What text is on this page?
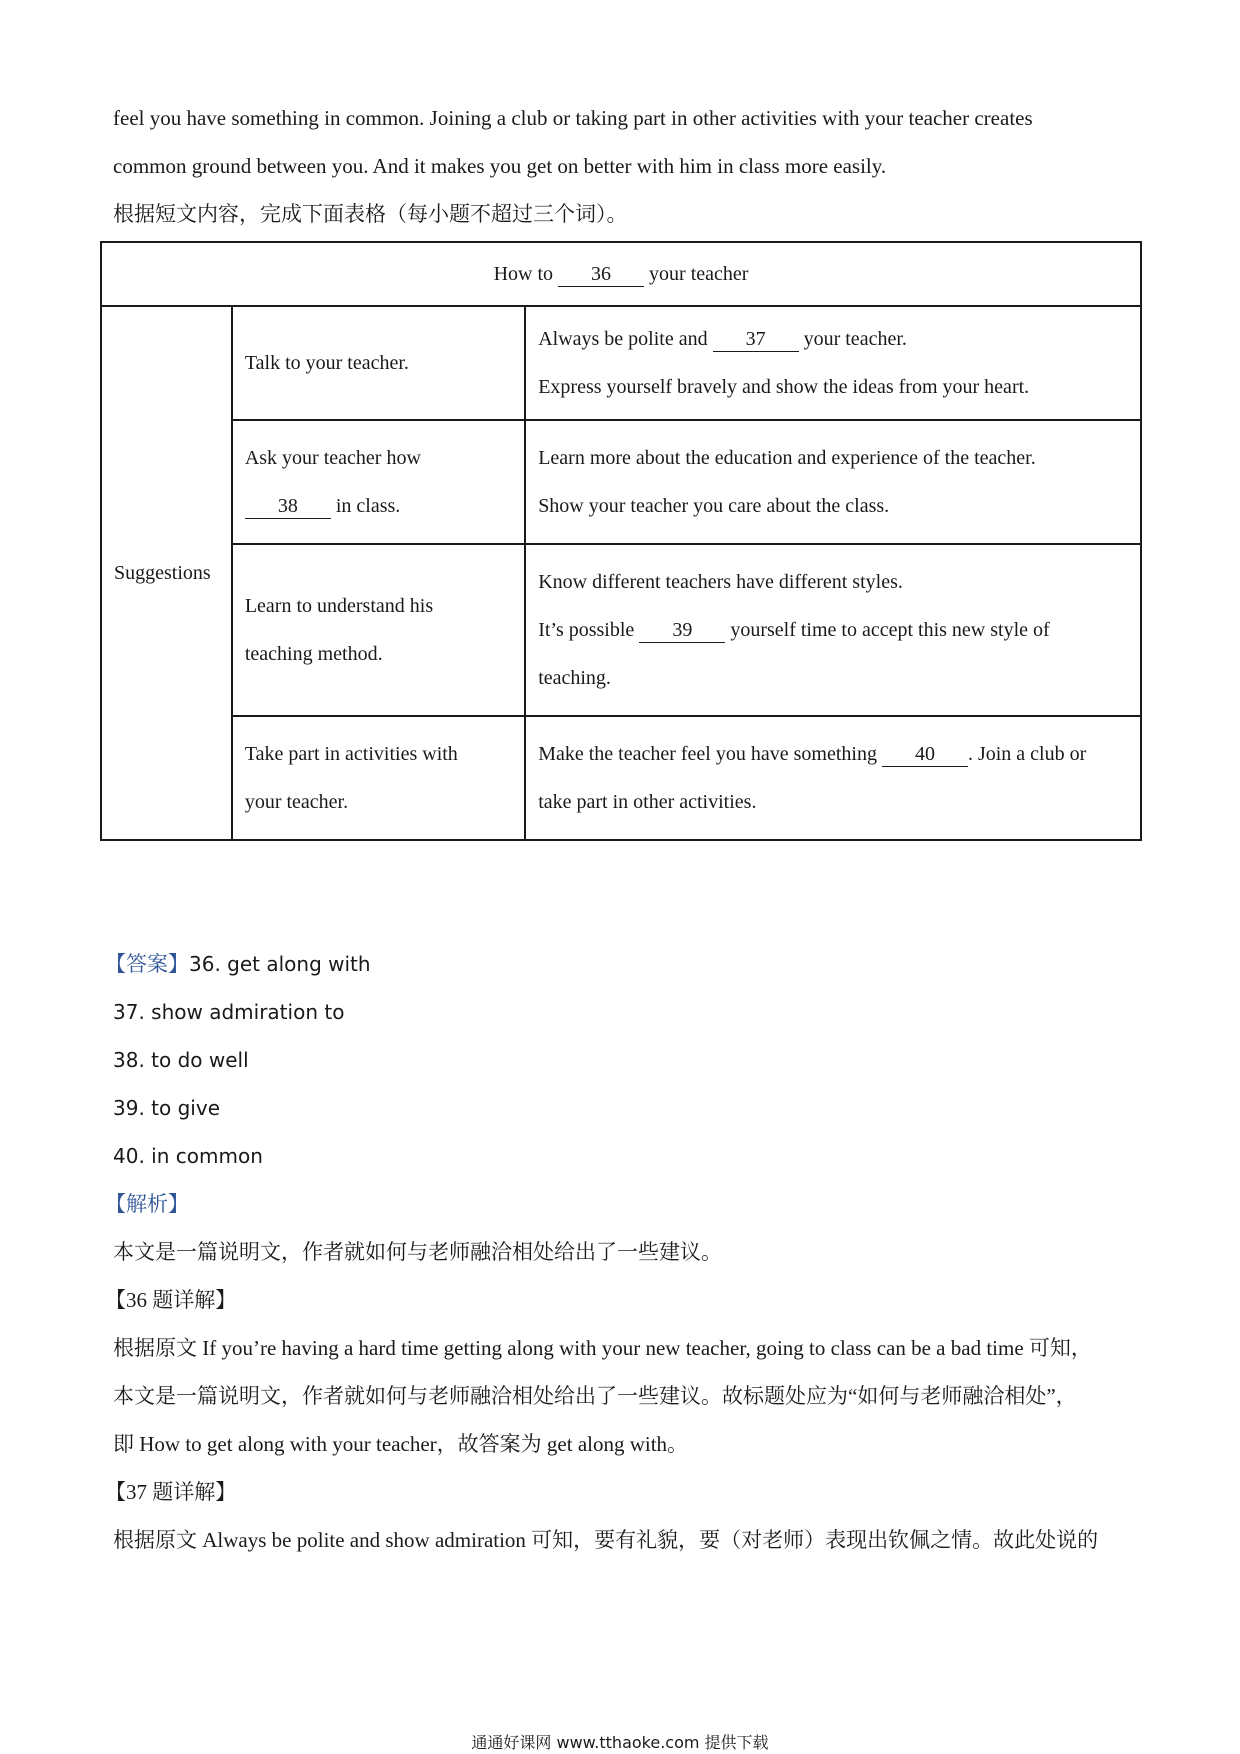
feel you have something in common. Joining a club or taking part in other activities with your teacher creates
common ground between you. And it makes you get on better with him in class more easily.
根据短文内容，完成下面表格（每小题不超过三个词）。
How to 36 your teacher		
Suggestions	Talk to your teacher.	Always be polite and 37 your teacher.
Express yourself bravely and show the ideas from your heart.

	Ask your teacher how
38 in class.	Learn more about the education and experience of the teacher.
Show your teacher you care about the class.

	Learn to understand his
teaching method.	Know different teachers have different styles.
It’s possible 39 yourself time to accept this new style of
teaching.

	Take part in activities with
your teacher.	Make the teacher feel you have something 40 . Join a club or
take part in other activities.
【答案】36. get along with
37. show admiration to
38. to do well
39. to give
40. in common
【解析】
本文是一篇说明文，作者就如何与老师融洽相处给出了一些建议。
【36 题详解】
根据原文 If you’re having a hard time getting along with your new teacher, going to class can be a bad time 可知，
本文是一篇说明文，作者就如何与老师融洽相处给出了一些建议。故标题处应为“如何与老师融洽相处”，
即 How to get along with your teacher，故答案为 get along with。
【37 题详解】
根据原文 Always be polite and show admiration 可知，要有礼貌，要（对老师）表现出钦佩之情。故此处说的
通通好课网 www.tthaoke.com 提供下载
